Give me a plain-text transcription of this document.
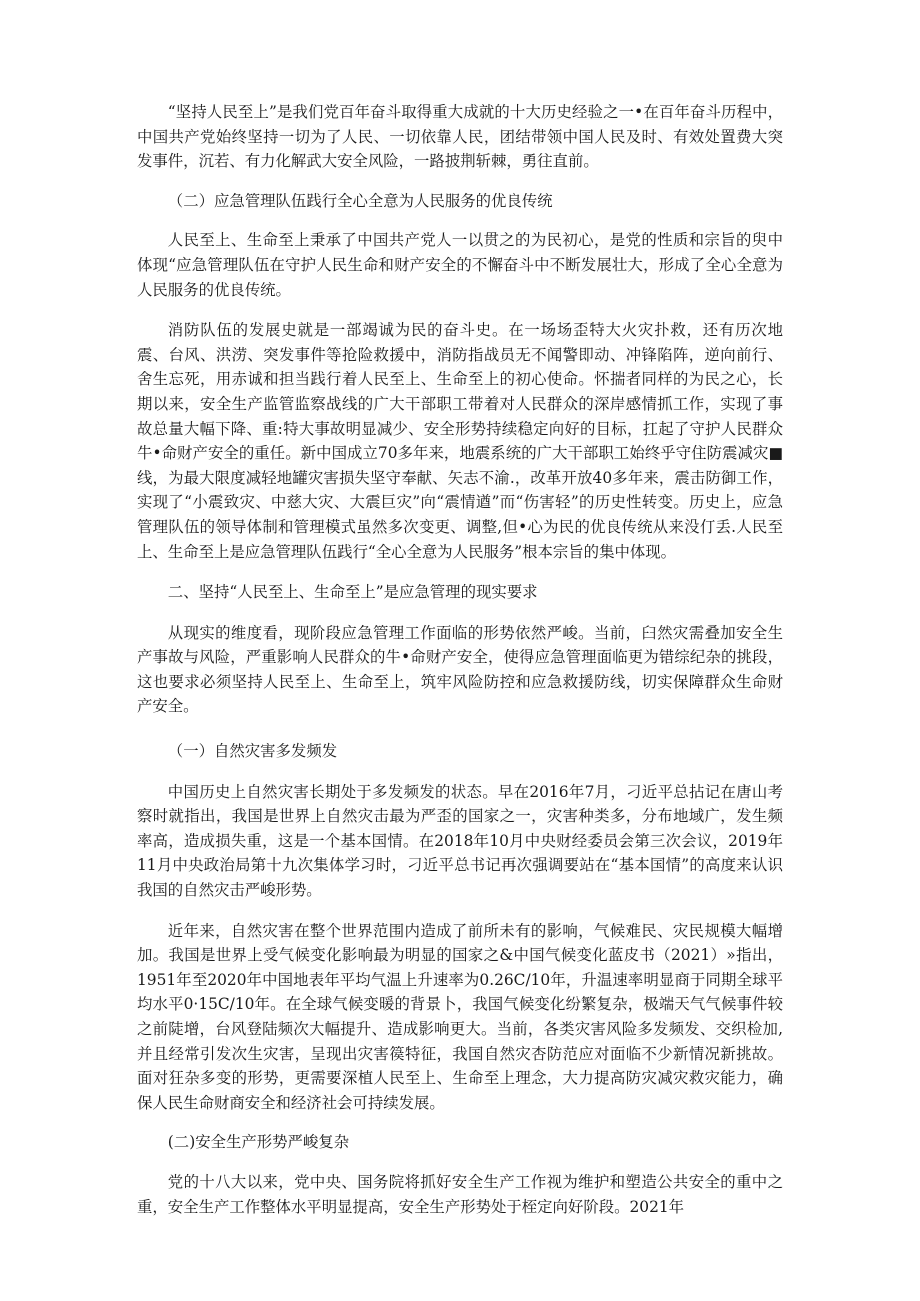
“坚持人民至上”是我们党百年奋斗取得重大成就的十大历史经验之一•在百年奋斗历程中，中国共产党始终坚持一切为了人民、一切依靠人民，团结带领中国人民及时、有效处置费大突发事件，沉若、有力化解武大安全风险，一路披荆斩棘，勇往直前。

（二）应急管理队伍践行全心全意为人民服务的优良传统

人民至上、生命至上秉承了中国共产党人一以贯之的为民初心，是党的性质和宗旨的臾中体现“应急管理队伍在守护人民生命和财产安全的不懈奋斗中不断发展壮大，形成了全心全意为人民服务的优良传统。

消防队伍的发展史就是一部竭诚为民的奋斗史。在一场场歪特大火灾扑救，还有历次地震、台风、洪涝、突发事件等抢险救援中，消防指战员无不闻警即动、冲锋陷阵，逆向前行、舍生忘死，用赤诚和担当践行着人民至上、生命至上的初心使命。怀揣者同样的为民之心，长期以来，安全生产监管监察战线的广大干部职工带着对人民群众的深岸感情抓工作，实现了事故总量大幅下降、重:特大事故明显减少、安全形势持续稳定向好的目标，扛起了守护人民群众牛•命财产安全的重任。新中国成立70多年来，地震系统的广大干部职工始终乎守住防震减灾■线，为最大限度减轻地罐灾害损失坚守奉献、矢志不渝.，改革开放40多年来，震击防御工作，实现了“小震致灾、中慈大灾、大震巨灾”向“震情遒”而“伤害轻”的历史性转变。历史上，应急管理队伍的领导体制和管理模式虽然多次变更、调整,但•心为民的优良传统从来没仃丢.人民至上、生命至上是应急管理队伍践行“全心全意为人民服务”根本宗旨的集中体现。

二、坚持“人民至上、生命至上”是应急管理的现实要求

从现实的维度看，现阶段应急管理工作面临的形势依然严峻。当前，臼然灾需叠加安全生产事故与风险，严重影响人民群众的牛•命财产安全，使得应急管理面临更为错综纪杂的挑段，这也要求必须坚持人民至上、生命至上，筑牢风险防控和应急救援防线，切实保障群众生命财产安全。

（一）自然灾害多发频发

中国历史上自然灾害长期处于多发频发的状态。早在2016年7月，刁近平总拈记在唐山考察时就指出，我国是世界上自然灾击最为严歪的国家之一，灾害种类多，分布地域广，发生频率高，造成损失重，这是一个基本国情。在2018年10月中央财经委员会第三次会议，2019年11月中央政治局第十九次集体学习时，刁近平总书记再次强调要站在“基本国情”的高度来认识我国的自然灾击严峻形势。

近年来，自然灾害在整个世界范围内造成了前所未有的影响，气候难民、灾民规模大幅增加。我国是世界上受气候变化影响最为明显的国家之&中国气候变化蓝皮书（2021）»指出，1951年至2020年中国地表年平均气温上升速率为0.26C/10年，升温速率明显商于同期全球平均水平0·15C/10年。在全球气候变暖的背景卜，我国气候变化纷繁复杂，极端天气气候事件较之前陡增，台风登陆频次大幅提升、造成影响更大。当前，各类灾害风险多发频发、交织检加,并且经常引发次生灾害，呈现出灾害篌特征，我国自然灾杏防范应对面临不少新情况新挑故。面对狂杂多变的形势，更需要深植人民至上、生命至上理念，大力提高防灾减灾救灾能力，确保人民生命财商安全和经济社会可持续发展。

(二)安全生产形势严峻复杂

党的十八大以来，党中央、国务院将抓好安全生产工作视为维护和塑造公共安全的重中之重，安全生产工作整体水平明显提高，安全生产形势处于桎定向好阶段。2021年
